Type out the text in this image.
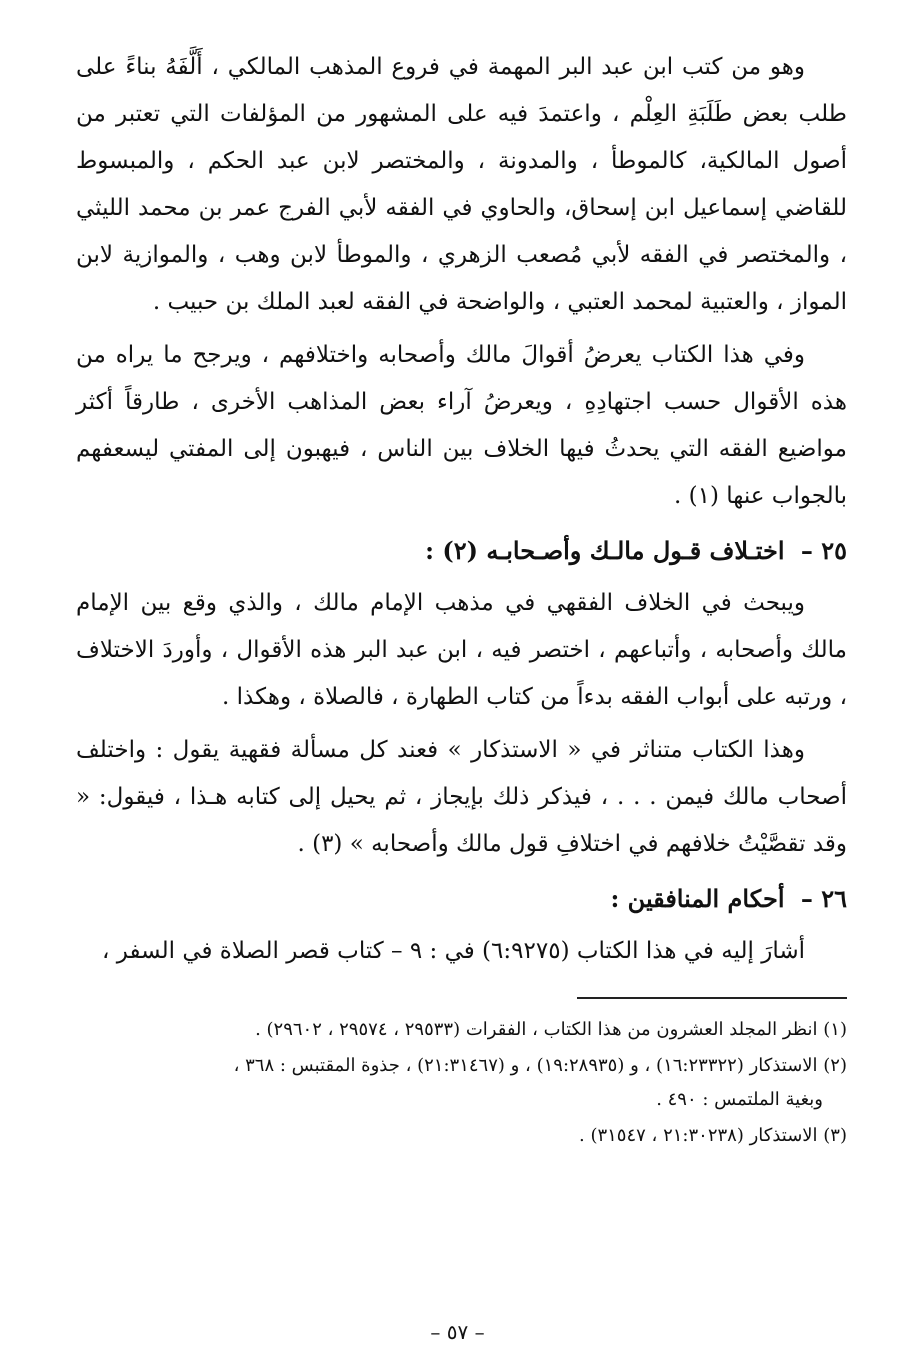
وهو من كتب ابن عبد البر المهمة في فروع المذهب المالكي ، أَلَّفَهُ بناءً على طلب بعض طَلَبَةِ العِلْم ، واعتمدَ فيه على المشهور من المؤلفات التي تعتبر من أصول المالكية، كالموطأ ، والمدونة ، والمختصر لابن عبد الحكم ، والمبسوط للقاضي إسماعيل ابن إسحاق، والحاوي في الفقه لأبي الفرج عمر بن محمد الليثي ، والمختصر في الفقه لأبي مُصعب الزهري ، والموطأ لابن وهب ، والموازية لابن المواز ، والعتبية لمحمد العتبي ، والواضحة في الفقه لعبد الملك بن حبيب .

وفي هذا الكتاب يعرضُ أقوالَ مالك وأصحابه واختلافهم ، ويرجح ما يراه من هذه الأقوال حسب اجتهادِهِ ، ويعرضُ آراء بعض المذاهب الأخرى ، طارقاً أكثر مواضيع الفقه التي يحدثُ فيها الخلاف بين الناس ، فيهبون إلى المفتي ليسعفهم بالجواب عنها (١) .

٢٥ – اختـلاف قـول مالـك وأصـحابـه (٢) :

ويبحث في الخلاف الفقهي في مذهب الإمام مالك ، والذي وقع بين الإمام مالك وأصحابه ، وأتباعهم ، اختصر فيه ، ابن عبد البر هذه الأقوال ، وأوردَ الاختلاف ، ورتبه على أبواب الفقه بدءاً من كتاب الطهارة ، فالصلاة ، وهكذا .

وهذا الكتاب متناثر في « الاستذكار » فعند كل مسألة فقهية يقول : واختلف أصحاب مالك فيمن . . . ، فيذكر ذلك بإيجاز ، ثم يحيل إلى كتابه هـذا ، فيقول: « وقد تقصَّيْتُ خلافهم في اختلافِ قول مالك وأصحابه » (٣) .

٢٦ – أحكام المنافقين :

أشارَ إليه في هذا الكتاب (٦:٩٢٧٥) في : ٩ – كتاب قصر الصلاة في السفر ،

(١) انظر المجلد العشرون من هذا الكتاب ، الفقرات (٢٩٥٣٣ ، ٢٩٥٧٤ ، ٢٩٦٠٢) .
(٢) الاستذكار (١٦:٢٣٣٢٢) ، و (١٩:٢٨٩٣٥) ، و (٢١:٣١٤٦٧) ، جذوة المقتبس : ٣٦٨ ،
وبغية الملتمس : ٤٩٠ .
(٣) الاستذكار (٢١:٣٠٢٣٨ ، ٣١٥٤٧) .
– ٥٧ –
